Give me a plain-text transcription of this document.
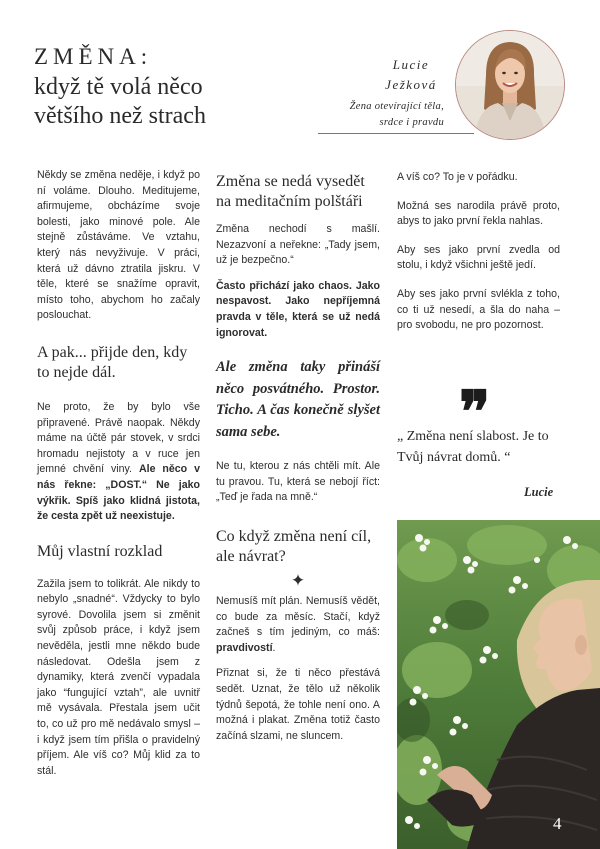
ZMĚNA:
když tě volá něco
většího než strach
Lucie
Ježková
Žena otevírající těla,
srdce i pravdu

Někdy se změna neděje, i když po ní voláme. Dlouho. Meditujeme, afirmujeme, obcházíme svoje bolesti, jako minové pole. Ale stejně zůstáváme. Ve vztahu, který nás nevyživuje. V práci, která už dávno ztratila jiskru. V těle, které se snažíme opravit, místo toho, abychom ho začaly poslouchat.

A pak... přijde den, kdy to nejde dál.

Ne proto, že by bylo vše připravené. Právě naopak. Někdy máme na účtě pár stovek, v srdci hromadu nejistoty a v ruce jen jemné chvění viny. Ale něco v nás řekne: „DOST.“ Ne jako výkřik. Spíš jako klidná jistota, že cesta zpět už neexistuje.

Můj vlastní rozklad

Zažila jsem to tolikrát. Ale nikdy to nebylo „snadné“. Vždycky to bylo syrové. Dovolila jsem si změnit svůj způsob práce, i když jsem nevěděla, jestli mne někdo bude následovat. Odešla jsem z dynamiky, která zvenčí vypadala jako “fungující vztah”, ale uvnitř mě vysávala. Přestala jsem učit to, co už pro mě nedávalo smysl – i když jsem tím přišla o pravidelný příjem. Ale víš co? Můj klid za to stál.

Změna se nedá vysedět na meditačním polštáři

Změna nechodí s mašlí. Nezazvoní a neřekne: „Tady jsem, už je bezpečno.“

Často přichází jako chaos. Jako nespavost. Jako nepříjemná pravda v těle, která se už nedá ignorovat.

Ale změna taky přináší něco posvátného. Prostor. Ticho. A čas konečně slyšet sama sebe.

Ne tu, kterou z nás chtěli mít. Ale tu pravou. Tu, která se nebojí říct: „Teď je řada na mně.“

Co když změna není cíl, ale návrat?
✦

Nemusíš mít plán. Nemusíš vědět, co bude za měsíc. Stačí, když začneš s tím jediným, co máš: pravdivostí.

Přiznat si, že ti něco přestává sedět. Uznat, že tělo už několik týdnů šepotá, že tohle není ono. A možná i plakat. Změna totiž často začíná slzami, ne sluncem.

A víš co? To je v pořádku.

Možná ses narodila právě proto, abys to jako první řekla nahlas.

Aby ses jako první zvedla od stolu, i když všichni ještě jedí.

Aby ses jako první svlékla z toho, co ti už nesedí, a šla do naha – pro svobodu, ne pro pozornost.

❞
„ Změna není slabost. Je to Tvůj návrat domů. “
Lucie
4
